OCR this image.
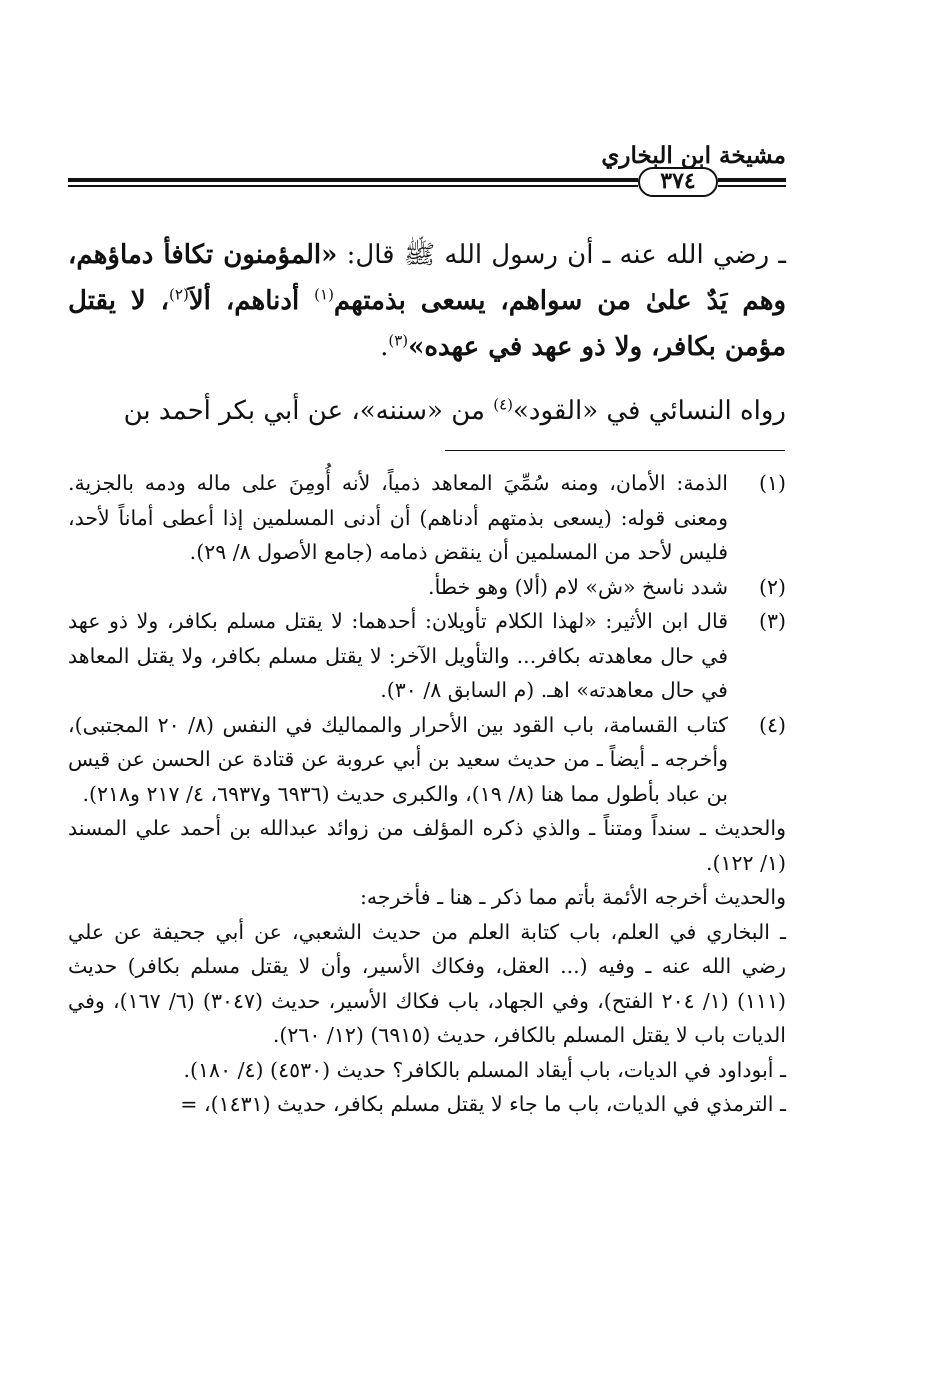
مشيخة ابن البخاري
٣٧٤

ـ رضي الله عنه ـ أن رسول الله ﷺ قال: «المؤمنون تكافأ دماؤهم، وهم يَدٌ علىٰ من سواهم، يسعى بذمتهم$^{(١)}$ أدناهم، ألاَ$^{(٢)}$، لا يقتل مؤمن بكافر، ولا ذو عهد في عهده»$^{(٣)}$.

رواه النسائي في «القود»$^{(٤)}$ من «سننه»، عن أبي بكر أحمد بن

(١)
الذمة: الأمان، ومنه سُمِّيَ المعاهد ذمياً، لأنه أُومِنَ على ماله ودمه بالجزية. ومعنى قوله: (يسعى بذمتهم أدناهم) أن أدنى المسلمين إذا أعطى أماناً لأحد، فليس لأحد من المسلمين أن ينقض ذمامه (جامع الأصول ٨/ ٢٩).
(٢)
شدد ناسخ «ش» لام (ألا) وهو خطأ.
(٣)
قال ابن الأثير: «لهذا الكلام تأويلان: أحدهما: لا يقتل مسلم بكافر، ولا ذو عهد في حال معاهدته بكافر... والتأويل الآخر: لا يقتل مسلم بكافر، ولا يقتل المعاهد في حال معاهدته» اهـ. (م السابق ٨/ ٣٠).
(٤)
كتاب القسامة، باب القود بين الأحرار والمماليك في النفس (٨/ ٢٠ المجتبى)، وأخرجه ـ أيضاً ـ من حديث سعيد بن أبي عروبة عن قتادة عن الحسن عن قيس بن عباد بأطول مما هنا (٨/ ١٩)، والكبرى حديث (٦٩٣٦ و٦٩٣٧، ٤/ ٢١٧ و٢١٨).

والحديث ـ سنداً ومتناً ـ والذي ذكره المؤلف من زوائد عبدالله بن أحمد علي المسند (١/ ١٢٢).

والحديث أخرجه الأئمة بأتم مما ذكر ـ هنا ـ فأخرجه:

ـ البخاري في العلم، باب كتابة العلم من حديث الشعبي، عن أبي جحيفة عن علي رضي الله عنه ـ وفيه (... العقل، وفكاك الأسير، وأن لا يقتل مسلم بكافر) حديث (١١١) (١/ ٢٠٤ الفتح)، وفي الجهاد، باب فكاك الأسير، حديث (٣٠٤٧) (٦/ ١٦٧)، وفي الديات باب لا يقتل المسلم بالكافر، حديث (٦٩١٥) (١٢/ ٢٦٠).

ـ أبوداود في الديات، باب أيقاد المسلم بالكافر؟ حديث (٤٥٣٠) (٤/ ١٨٠).

ـ الترمذي في الديات، باب ما جاء لا يقتل مسلم بكافر، حديث (١٤٣١)، =
